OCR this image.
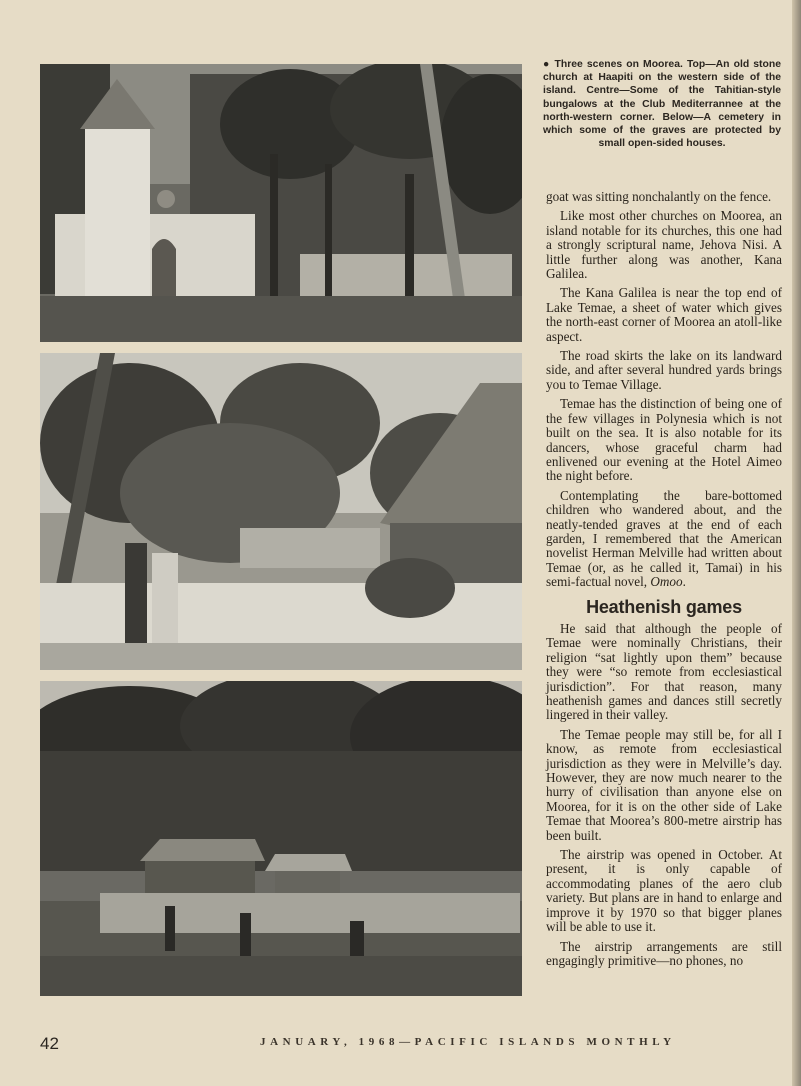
● Three scenes on Moorea. Top—An old stone church at Haapiti on the western side of the island. Centre—Some of the Tahitian-style bungalows at the Club Mediterrannee at the north-western corner. Below—A cemetery in which some of the graves are protected by small open-sided houses.

goat was sitting nonchalantly on the fence.

Like most other churches on Moorea, an island notable for its churches, this one had a strongly scriptural name, Jehova Nisi. A little further along was another, Kana Galilea.

The Kana Galilea is near the top end of Lake Temae, a sheet of water which gives the north-east corner of Moorea an atoll-like aspect.

The road skirts the lake on its landward side, and after several hundred yards brings you to Temae Village.

Temae has the distinction of being one of the few villages in Polynesia which is not built on the sea. It is also notable for its dancers, whose graceful charm had enlivened our evening at the Hotel Aimeo the night before.

Contemplating the bare-bottomed children who wandered about, and the neatly-tended graves at the end of each garden, I remembered that the American novelist Herman Melville had written about Temae (or, as he called it, Tamai) in his semi-factual novel, Omoo.

Heathenish games

He said that although the people of Temae were nominally Christians, their religion “sat lightly upon them” because they were “so remote from ecclesiastical jurisdiction”. For that reason, many heathenish games and dances still secretly lingered in their valley.

The Temae people may still be, for all I know, as remote from ecclesiastical jurisdiction as they were in Melville’s day. However, they are now much nearer to the hurry of civilisation than anyone else on Moorea, for it is on the other side of Lake Temae that Moorea’s 800-metre airstrip has been built.

The airstrip was opened in October. At present, it is only capable of accommodating planes of the aero club variety. But plans are in hand to enlarge and improve it by 1970 so that bigger planes will be able to use it.

The airstrip arrangements are still engagingly primitive—no phones, no

42	JANUARY, 1968—PACIFIC ISLANDS MONTHLY
